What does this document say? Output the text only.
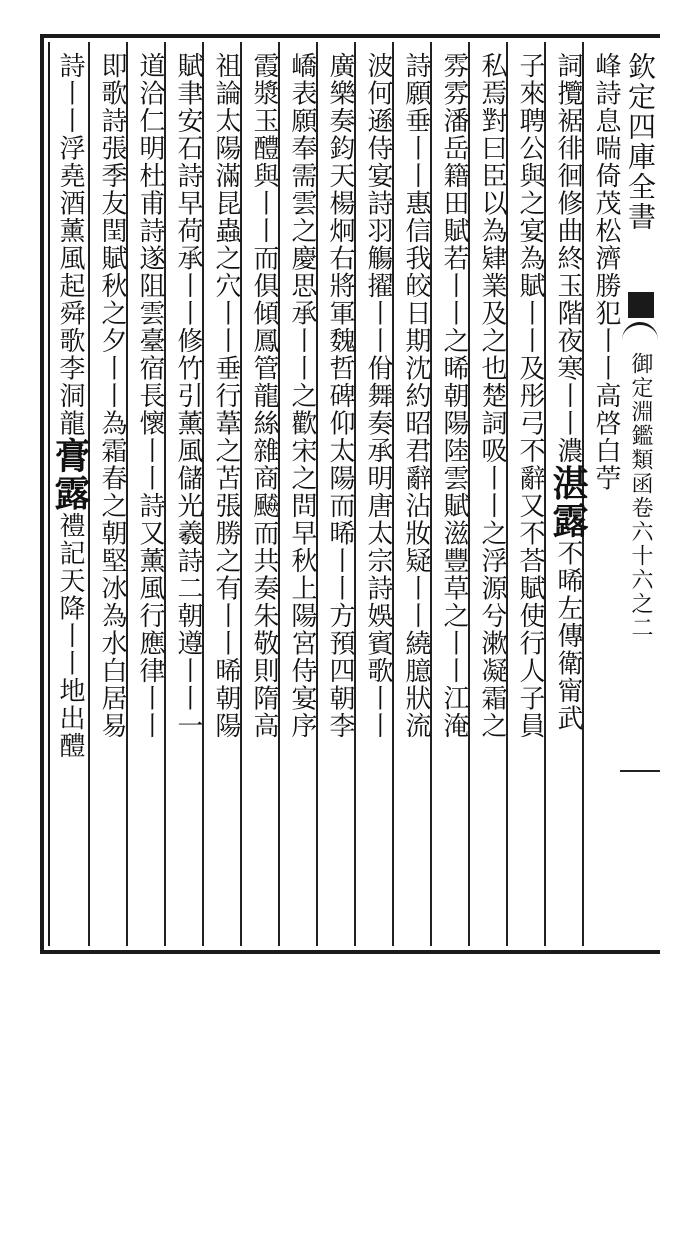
欽定四庫全書
御定淵鑑類函卷六十六之二
峰詩息喘倚茂松濟勝犯丨丨高啓白苧
詞攬裾徘徊修曲終玉階夜寒丨丨濃湛露不晞左傳衛甯武
子來聘公與之宴為賦丨丨及彤弓不辭又不荅賦使行人子員
私焉對曰臣以為肄業及之也楚詞吸丨丨之浮源兮漱凝霜之
雰雰潘岳籍田賦若丨丨之晞朝陽陸雲賦滋豐草之丨丨江淹
詩願垂丨丨惠信我皎日期沈約昭君辭沾妝疑丨丨繞臆狀流
波何遜侍宴詩羽觴擢丨丨佾舞奏承明唐太宗詩娛賓歌丨丨
廣樂奏鈞天楊炯右將軍魏哲碑仰太陽而晞丨丨方預四朝李
嶠表願奉需雲之慶思承丨丨之歡宋之問早秋上陽宮侍宴序
霞漿玉醴與丨丨而俱傾鳳管龍絲雜商飇而共奏朱敬則隋高
祖論太陽滿昆蟲之穴丨丨垂行葦之苫張勝之有丨丨晞朝陽
賦聿安石詩早荷承丨丨修竹引薰風儲光羲詩二朝遵丨丨一
道洽仁明杜甫詩遂阻雲臺宿長懷丨丨詩又薰風行應律丨丨
即歌詩張季友閏賦秋之夕丨丨為霜春之朝堅冰為水白居易
詩丨丨浮堯酒薰風起舜歌李洞龍膏露禮記天降丨丨地出醴
